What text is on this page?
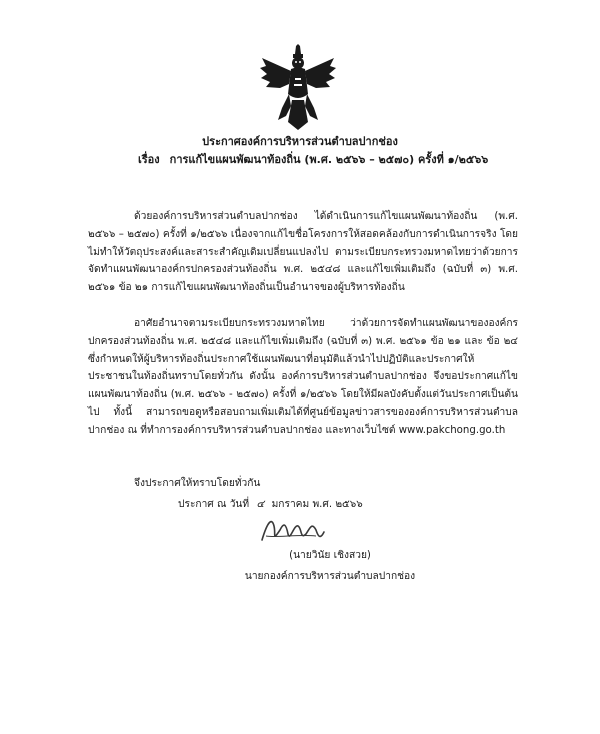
ประกาศองค์การบริหารส่วนตำบลปากช่อง
เรื่อง การแก้ไขแผนพัฒนาท้องถิ่น (พ.ศ. ๒๕๖๖ – ๒๕๗๐) ครั้งที่ ๑/๒๕๖๖
ด้วยองค์การบริหารส่วนตำบลปากช่อง ได้ดำเนินการแก้ไขแผนพัฒนาท้องถิ่น (พ.ศ. ๒๕๖๖ – ๒๕๗๐) ครั้งที่ ๑/๒๕๖๖ เนื่องจากแก้ไขชื่อโครงการให้สอดคล้องกับการดำเนินการจริง โดยไม่ทำให้วัตถุประสงค์และสาระสำคัญเดิมเปลี่ยนแปลงไป ตามระเบียบกระทรวงมหาดไทยว่าด้วยการจัดทำแผนพัฒนาองค์กรปกครองส่วนท้องถิ่น พ.ศ. ๒๕๔๘ และแก้ไขเพิ่มเติมถึง (ฉบับที่ ๓) พ.ศ. ๒๕๖๑ ข้อ ๒๑ การแก้ไขแผนพัฒนาท้องถิ่นเป็นอำนาจของผู้บริหารท้องถิ่น
อาศัยอำนาจตามระเบียบกระทรวงมหาดไทย ว่าด้วยการจัดทำแผนพัฒนาขององค์กรปกครองส่วนท้องถิ่น พ.ศ. ๒๕๔๘ และแก้ไขเพิ่มเติมถึง (ฉบับที่ ๓) พ.ศ. ๒๕๖๑ ข้อ ๒๑ และ ข้อ ๒๔ ซึ่งกำหนดให้ผู้บริหารท้องถิ่นประกาศใช้แผนพัฒนาที่อนุมัติแล้วนำไปปฏิบัติและประกาศให้ประชาชนในท้องถิ่นทราบโดยทั่วกัน ดังนั้น องค์การบริหารส่วนตำบลปากช่อง จึงขอประกาศแก้ไขแผนพัฒนาท้องถิ่น (พ.ศ. ๒๕๖๖ - ๒๕๗๐) ครั้งที่ ๑/๒๕๖๖ โดยให้มีผลบังคับตั้งแต่วันประกาศเป็นต้นไป ทั้งนี้ สามารถขอดูหรือสอบถามเพิ่มเติมได้ที่ศูนย์ข้อมูลข่าวสารขององค์การบริหารส่วนตำบลปากช่อง ณ ที่ทำการองค์การบริหารส่วนตำบลปากช่อง และทางเว็บไซต์ www.pakchong.go.th
จึงประกาศให้ทราบโดยทั่วกัน
ประกาศ ณ วันที่ ๔ มกราคม พ.ศ. ๒๕๖๖
(นายวินัย เชิงสวย)
นายกองค์การบริหารส่วนตำบลปากช่อง
